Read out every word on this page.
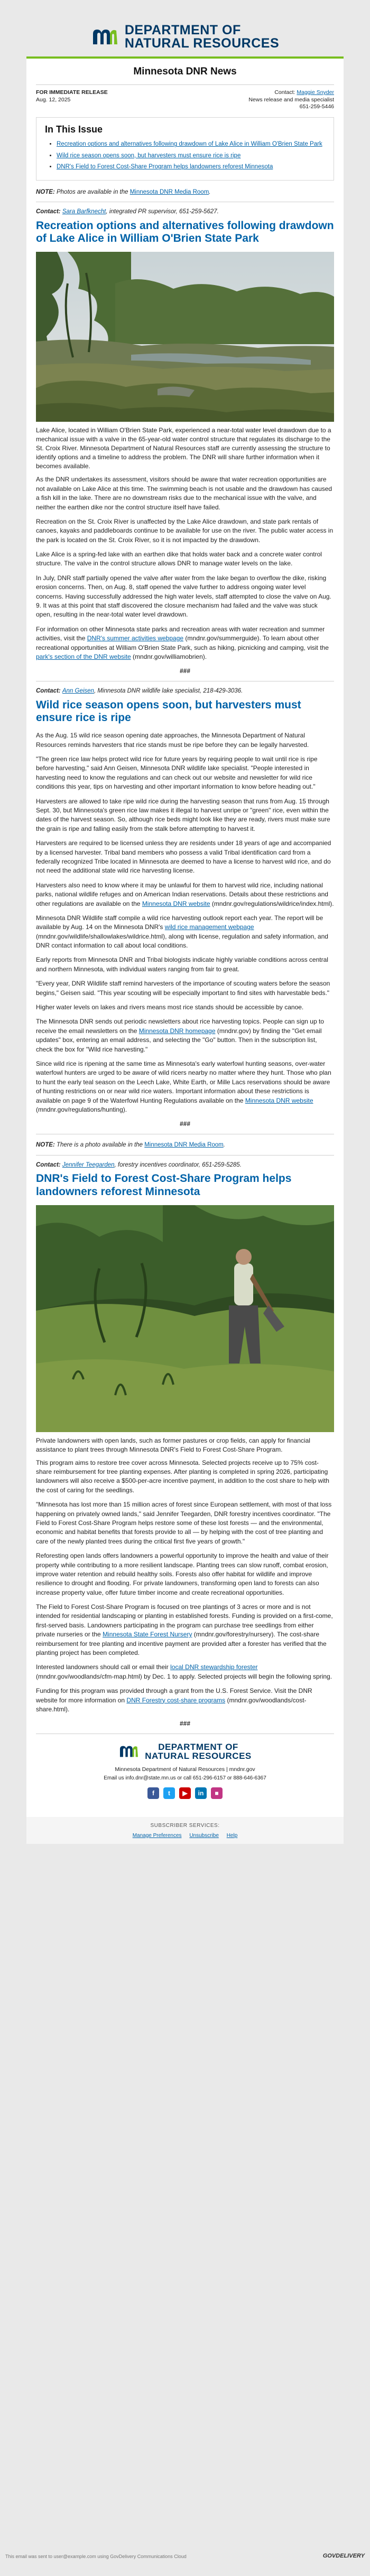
DEPARTMENT OF
NATURAL RESOURCES
Minnesota DNR News
FOR IMMEDIATE RELEASE
Aug. 12, 2025
Contact: Maggie Snyder
News release and media specialist
651-259-5446
In This Issue
• Recreation options and alternatives following drawdown of Lake Alice in William O'Brien State Park
• Wild rice season opens soon, but harvesters must ensure rice is ripe
• DNR's Field to Forest Cost-Share Program helps landowners reforest Minnesota
NOTE: Photos are available in the Minnesota DNR Media Room.
Contact: Sara Barfknecht, integrated PR supervisor, 651-259-5627.
Recreation options and alternatives following drawdown of Lake Alice in William O'Brien State Park
Lake Alice, located in William O'Brien State Park, experienced a near-total water level drawdown due to a mechanical issue with a valve in the 65-year-old water control structure that regulates its discharge to the St. Croix River. Minnesota Department of Natural Resources staff are currently assessing the structure to identify options and a timeline to address the problem. The DNR will share further information when it becomes available.

As the DNR undertakes its assessment, visitors should be aware that water recreation opportunities are not available on Lake Alice at this time. The swimming beach is not usable and the drawdown has caused a fish kill in the lake. There are no downstream risks due to the mechanical issue with the valve, and neither the earthen dike nor the control structure itself have failed.

Recreation on the St. Croix River is unaffected by the Lake Alice drawdown, and state park rentals of canoes, kayaks and paddleboards continue to be available for use on the river. The public water access in the park is located on the St. Croix River, so it is not impacted by the drawdown.

Lake Alice is a spring-fed lake with an earthen dike that holds water back and a concrete water control structure. The valve in the control structure allows DNR to manage water levels on the lake.

In July, DNR staff partially opened the valve after water from the lake began to overflow the dike, risking erosion concerns. Then, on Aug. 8, staff opened the valve further to address ongoing water level concerns. Having successfully addressed the high water levels, staff attempted to close the valve on Aug. 9. It was at this point that staff discovered the closure mechanism had failed and the valve was stuck open, resulting in the near-total water level drawdown.

For information on other Minnesota state parks and recreation areas with water recreation and summer activities, visit the DNR's summer activities webpage (mndnr.gov/summerguide). To learn about other recreational opportunities at William O'Brien State Park, such as hiking, picnicking and camping, visit the park's section of the DNR website (mndnr.gov/williamobrien).

###
Contact: Ann Geisen, Minnesota DNR wildlife lake specialist, 218-429-3036.
Wild rice season opens soon, but harvesters must ensure rice is ripe

As the Aug. 15 wild rice season opening date approaches, the Minnesota Department of Natural Resources reminds harvesters that rice stands must be ripe before they can be legally harvested.

"The green rice law helps protect wild rice for future years by requiring people to wait until rice is ripe before harvesting," said Ann Geisen, Minnesota DNR wildlife lake specialist. "People interested in harvesting need to know the regulations and can check out our website and newsletter for wild rice conditions this year, tips on harvesting and other important information to know before heading out."

Harvesters are allowed to take ripe wild rice during the harvesting season that runs from Aug. 15 through Sept. 30, but Minnesota's green rice law makes it illegal to harvest unripe or "green" rice, even within the dates of the harvest season. So, although rice beds might look like they are ready, rivers must make sure the grain is ripe and falling easily from the stalk before attempting to harvest it.

Harvesters are required to be licensed unless they are residents under 18 years of age and accompanied by a licensed harvester. Tribal band members who possess a valid Tribal identification card from a federally recognized Tribe located in Minnesota are deemed to have a license to harvest wild rice, and do not need the additional state wild rice harvesting license.

Harvesters also need to know where it may be unlawful for them to harvest wild rice, including national parks, national wildlife refuges and on American Indian reservations. Details about these restrictions and other regulations are available on the Minnesota DNR website (mndnr.gov/regulations/wildrice/index.html).

Minnesota DNR Wildlife staff compile a wild rice harvesting outlook report each year. The report will be available by Aug. 14 on the Minnesota DNR's wild rice management webpage (mndnr.gov/wildlife/shallowlakes/wildrice.html), along with license, regulation and safety information, and DNR contact information to call about local conditions.

Early reports from Minnesota DNR and Tribal biologists indicate highly variable conditions across central and northern Minnesota, with individual waters ranging from fair to great.

"Every year, DNR Wildlife staff remind harvesters of the importance of scouting waters before the season begins," Geisen said. "This year scouting will be especially important to find sites with harvestable beds."

Higher water levels on lakes and rivers means most rice stands should be accessible by canoe.

The Minnesota DNR sends out periodic newsletters about rice harvesting topics. People can sign up to receive the email newsletters on the Minnesota DNR homepage (mndnr.gov) by finding the "Get email updates" box, entering an email address, and selecting the "Go" button. Then in the subscription list, check the box for "Wild rice harvesting."

Since wild rice is ripening at the same time as Minnesota's early waterfowl hunting seasons, over-water waterfowl hunters are urged to be aware of wild ricers nearby no matter where they hunt. Those who plan to hunt the early teal season on the Leech Lake, White Earth, or Mille Lacs reservations should be aware of hunting restrictions on or near wild rice waters. Important information about these restrictions is available on page 9 of the Waterfowl Hunting Regulations available on the Minnesota DNR website (mndnr.gov/regulations/hunting).

###
NOTE: There is a photo available in the Minnesota DNR Media Room.
Contact: Jennifer Teegarden, forestry incentives coordinator, 651-259-5285.
DNR's Field to Forest Cost-Share Program helps landowners reforest Minnesota
Private landowners with open lands, such as former pastures or crop fields, can apply for financial assistance to plant trees through Minnesota DNR's Field to Forest Cost-Share Program.

This program aims to restore tree cover across Minnesota. Selected projects receive up to 75% cost-share reimbursement for tree planting expenses. After planting is completed in spring 2026, participating landowners will also receive a $500-per-acre incentive payment, in addition to the cost share to help with the cost of caring for the seedlings.

"Minnesota has lost more than 15 million acres of forest since European settlement, with most of that loss happening on privately owned lands," said Jennifer Teegarden, DNR forestry incentives coordinator. "The Field to Forest Cost-Share Program helps restore some of these lost forests — and the environmental, economic and habitat benefits that forests provide to all — by helping with the cost of tree planting and care of the newly planted trees during the critical first five years of growth."

Reforesting open lands offers landowners a powerful opportunity to improve the health and value of their property while contributing to a more resilient landscape. Planting trees can slow runoff, combat erosion, improve water retention and rebuild healthy soils. Forests also offer habitat for wildlife and improve resilience to drought and flooding. For private landowners, transforming open land to forests can also increase property value, offer future timber income and create recreational opportunities.

The Field to Forest Cost-Share Program is focused on tree plantings of 3 acres or more and is not intended for residential landscaping or planting in established forests. Funding is provided on a first-come, first-served basis. Landowners participating in the program can purchase tree seedlings from either private nurseries or the Minnesota State Forest Nursery (mndnr.gov/forestry/nursery). The cost-share reimbursement for tree planting and incentive payment are provided after a forester has verified that the planting project has been completed.

Interested landowners should call or email their local DNR stewardship forester (mndnr.gov/woodlands/cfm-map.html) by Dec. 1 to apply. Selected projects will begin the following spring.

Funding for this program was provided through a grant from the U.S. Forest Service. Visit the DNR website for more information on DNR Forestry cost-share programs (mndnr.gov/woodlands/cost-share.html).

###
DEPARTMENT OF
NATURAL RESOURCES
Minnesota Department of Natural Resources | mndnr.gov
Email us info.dnr@state.mn.us or call 651-296-6157 or 888-646-6367
f	t	▶	in	■
SUBSCRIBER SERVICES:
Manage Preferences Unsubscribe Help
This email was sent to user@example.com using GovDelivery Communications Cloud	GOVDELIVERY
